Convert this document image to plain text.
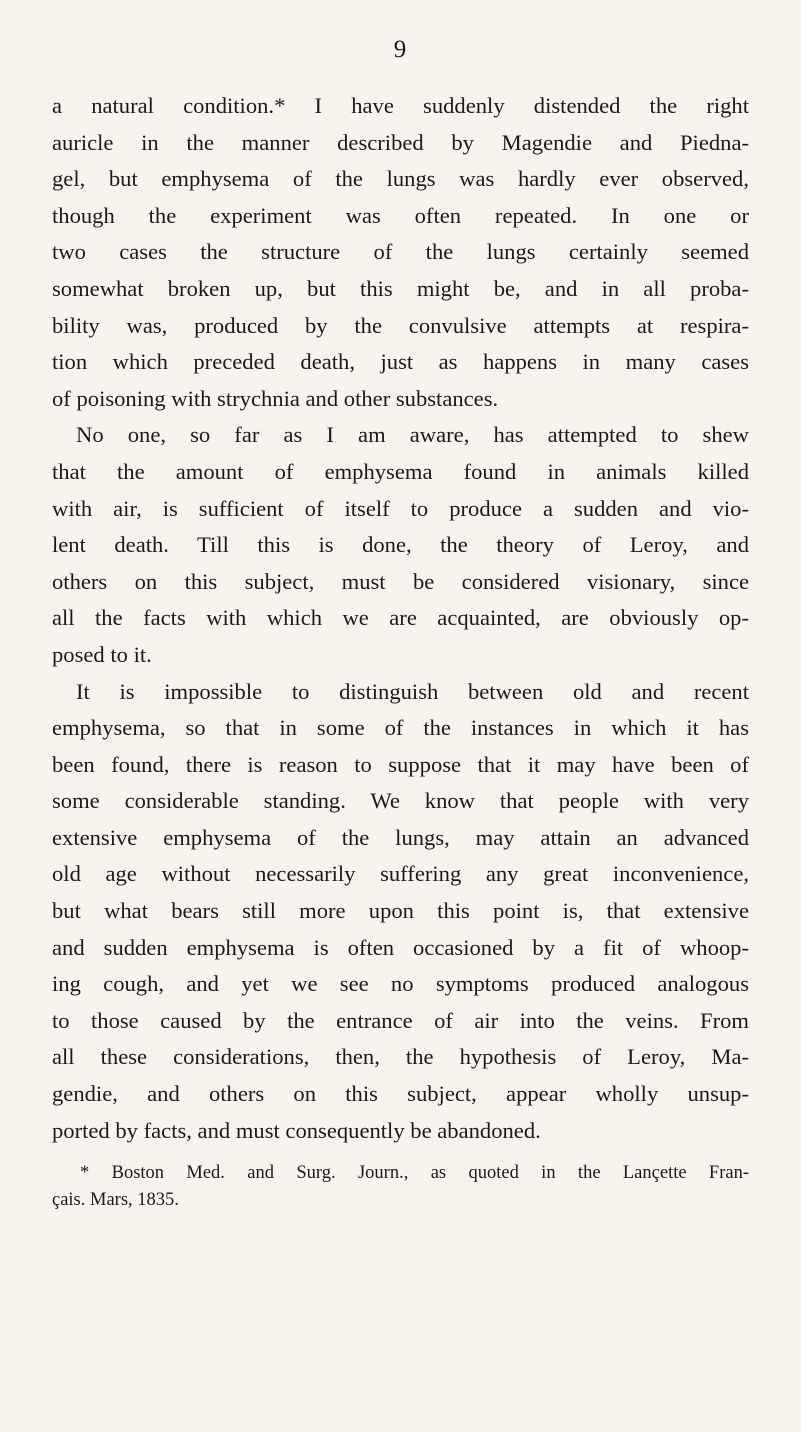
9
a natural condition.* I have suddenly distended the right
auricle in the manner described by Magendie and Piedna-
gel, but emphysema of the lungs was hardly ever observed,
though the experiment was often repeated. In one or
two cases the structure of the lungs certainly seemed
somewhat broken up, but this might be, and in all proba-
bility was, produced by the convulsive attempts at respira-
tion which preceded death, just as happens in many cases
of poisoning with strychnia and other substances.
No one, so far as I am aware, has attempted to shew
that the amount of emphysema found in animals killed
with air, is sufficient of itself to produce a sudden and vio-
lent death. Till this is done, the theory of Leroy, and
others on this subject, must be considered visionary, since
all the facts with which we are acquainted, are obviously op-
posed to it.
It is impossible to distinguish between old and recent
emphysema, so that in some of the instances in which it has
been found, there is reason to suppose that it may have been of
some considerable standing. We know that people with very
extensive emphysema of the lungs, may attain an advanced
old age without necessarily suffering any great inconvenience,
but what bears still more upon this point is, that extensive
and sudden emphysema is often occasioned by a fit of whoop-
ing cough, and yet we see no symptoms produced analogous
to those caused by the entrance of air into the veins. From
all these considerations, then, the hypothesis of Leroy, Ma-
gendie, and others on this subject, appear wholly unsup-
ported by facts, and must consequently be abandoned.
* Boston Med. and Surg. Journ., as quoted in the Lançette Fran-
çais. Mars, 1835.
